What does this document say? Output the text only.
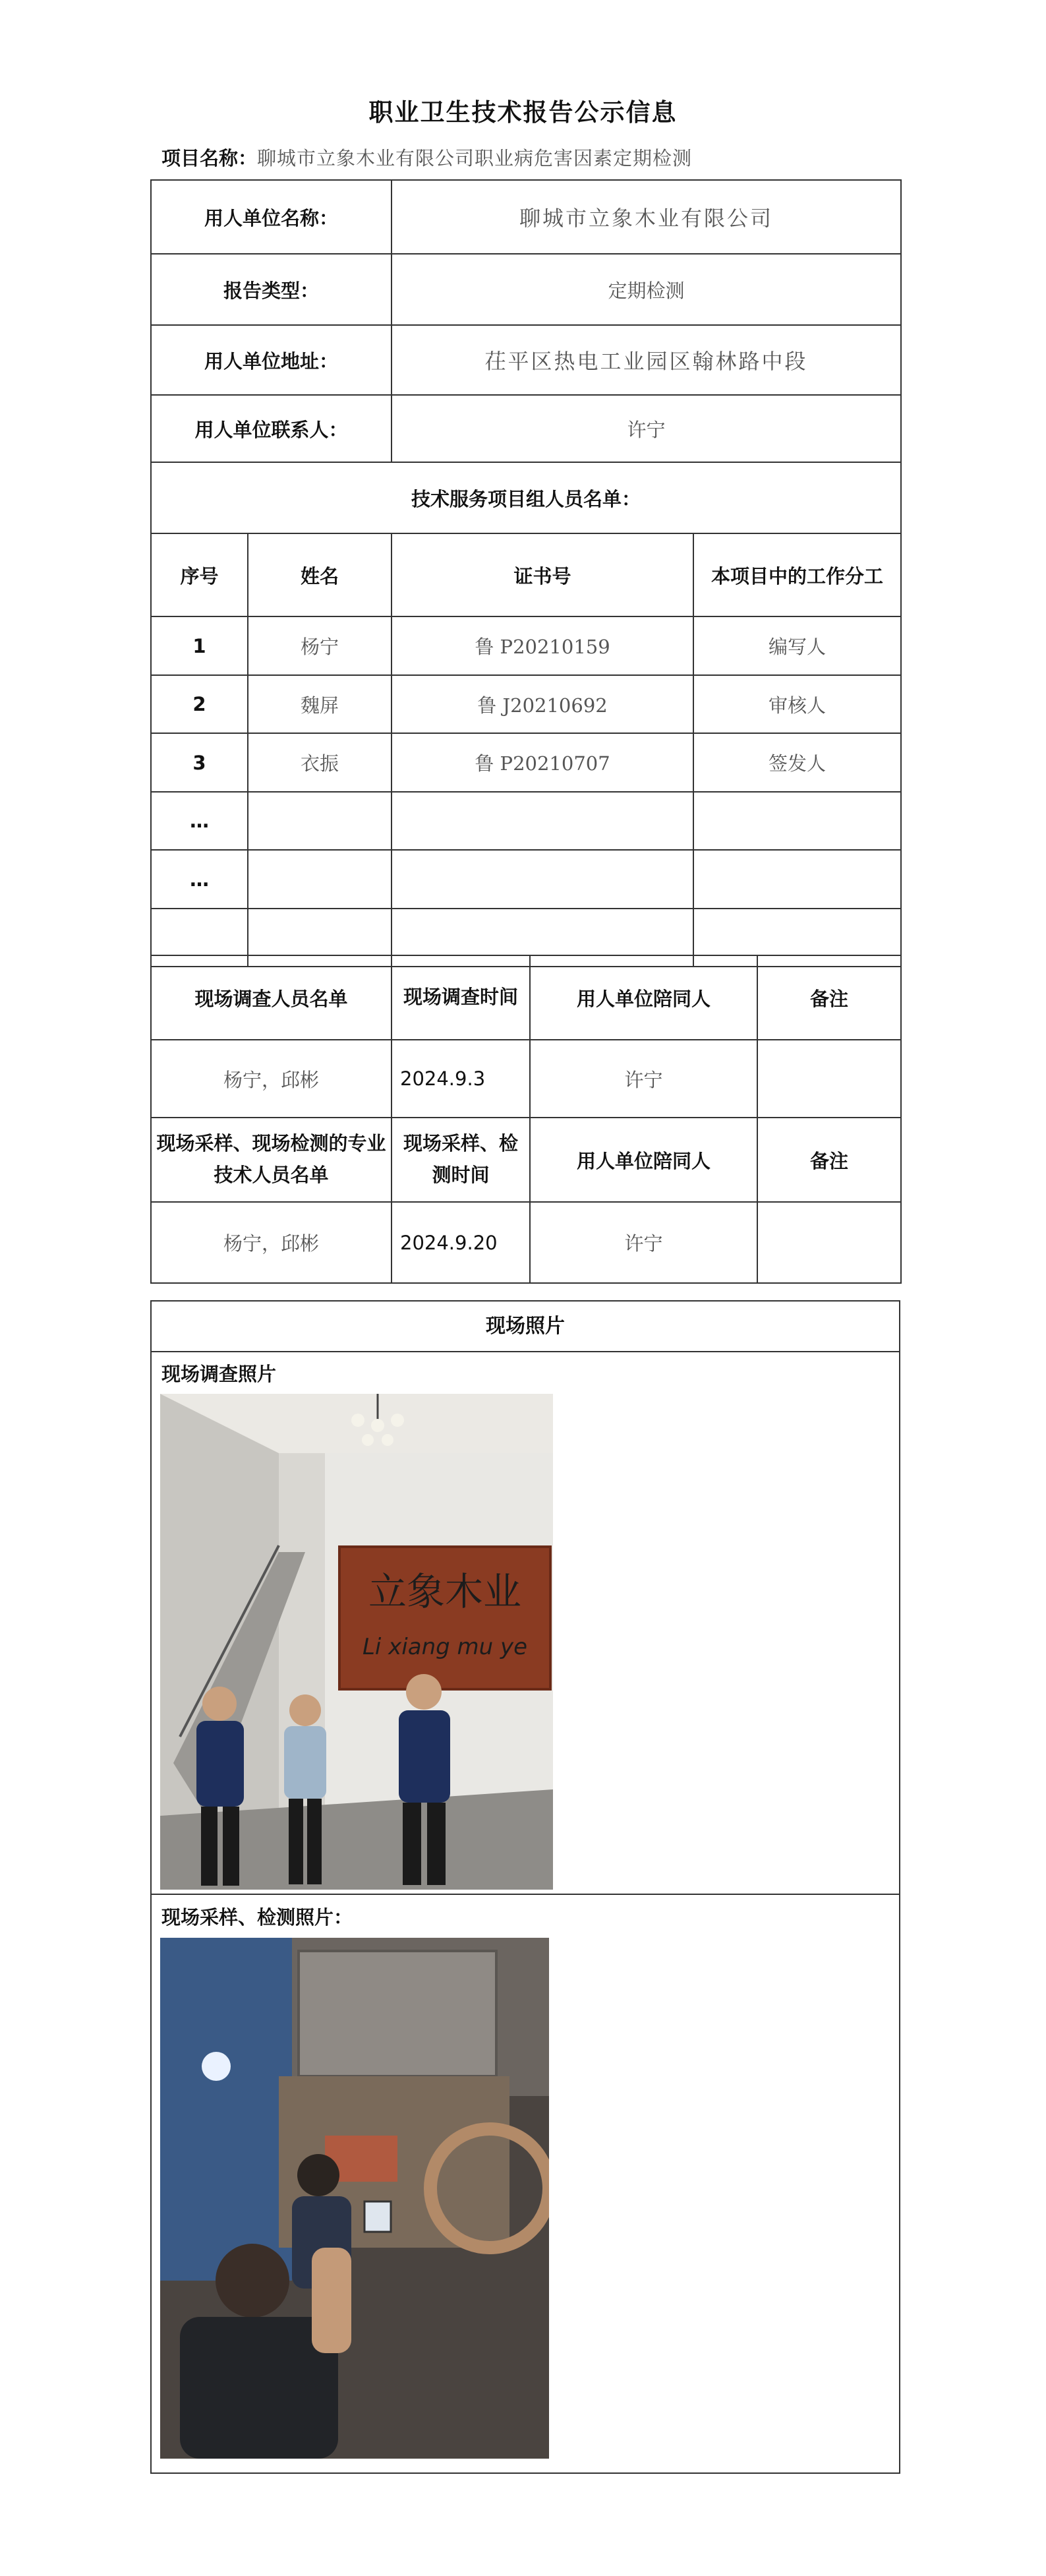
职业卫生技术报告公示信息
项目名称：聊城市立象木业有限公司职业病危害因素定期检测
用人单位名称：		聊城市立象木业有限公司	
报告类型：		定期检测	
用人单位地址：		茌平区热电工业园区翰林路中段	
用人单位联系人：		许宁	
技术服务项目组人员名单：			
序号	姓名	证书号	本项目中的工作分工
1	杨宁	鲁 P20210159	编写人
2	魏屏	鲁 J20210692	审核人
3	衣振	鲁 P20210707	签发人
…			
…			

现场调查人员名单	现场调查时间	用人单位陪同人	备注
杨宁，邱彬	2024.9.3	许宁	
现场采样、现场检测的专业技术人员名单	现场采样、检测时间	用人单位陪同人	备注
杨宁，邱彬	2024.9.20	许宁	
现场照片
现场调查照片
立象木业
Li xiang mu ye
现场采样、检测照片：
